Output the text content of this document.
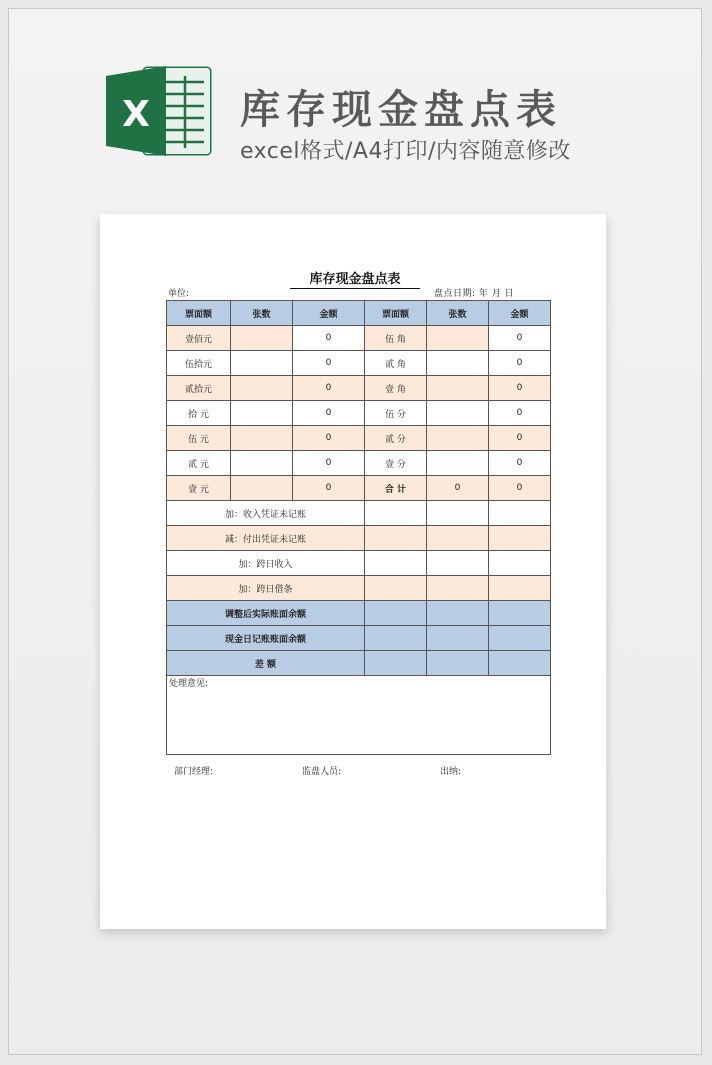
X 库存现金盘点表
excel格式/A4打印/内容随意修改
库存现金盘点表
单位:	盘点日期: 年 月 日
票面额	张数	金额	票面额	张数	金额
壹佰元		0	伍 角		0
伍拾元		0	贰 角		0
贰拾元		0	壹 角		0
拾 元		0	伍 分		0
伍 元		0	贰 分		0
贰 元		0	壹 分		0
壹 元		0	合 计	0	0
加：收入凭证未记账					
减：付出凭证未记账					
加：跨日收入					
加：跨日借条					
调整后实际账面余额					
现金日记账账面余额					
差 额					
处理意见:					
部门经理:	监盘人员:	出纳:
